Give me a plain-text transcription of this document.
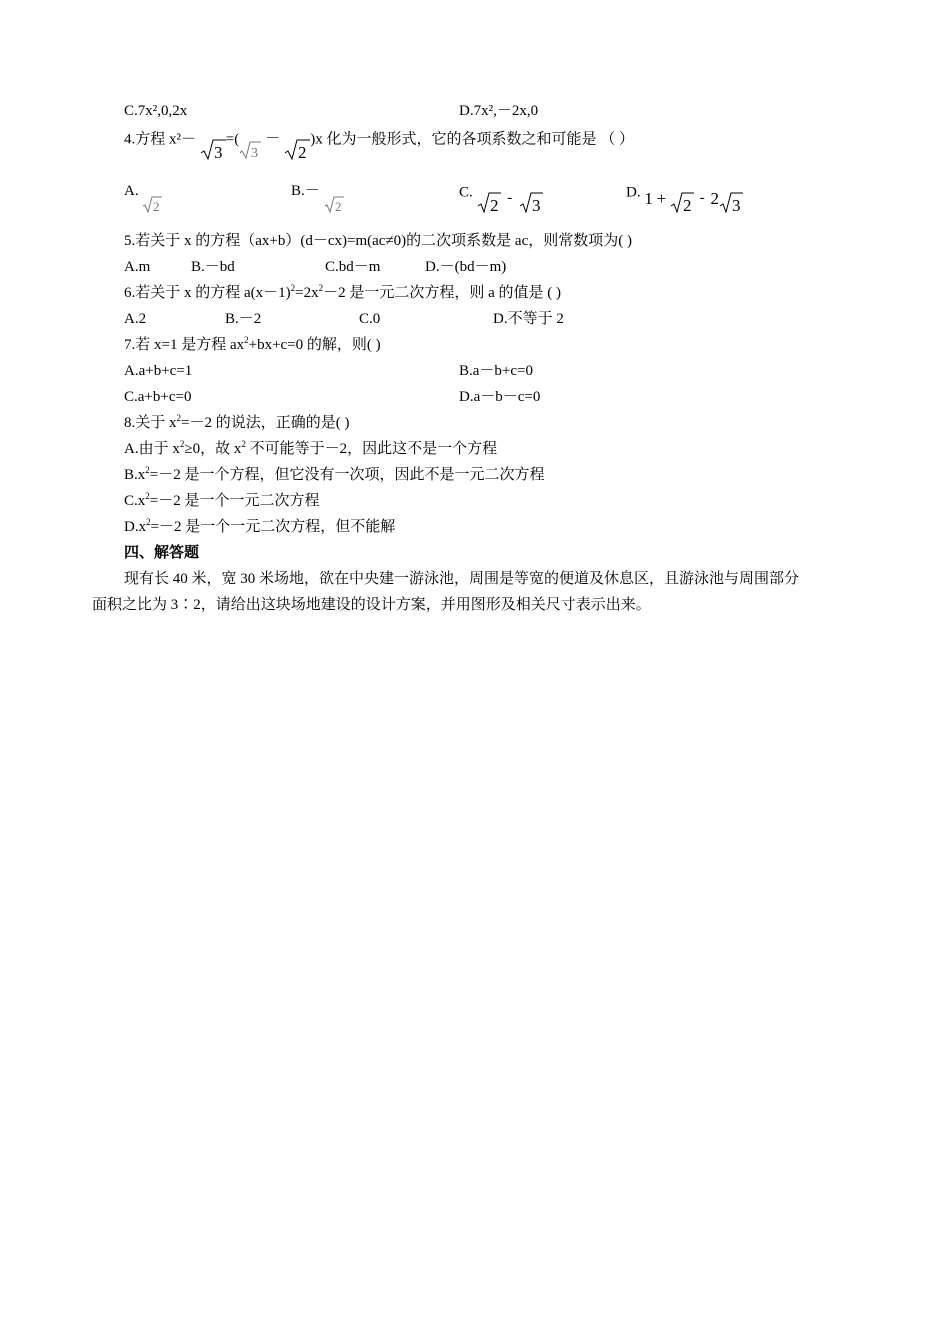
C.7x²,0,2x	D.7x²,－2x,0
4.方程 x²－
3
=(
3
－
2
)x 化为一般形式，它的各项系数之和可能是 （ ）
A.
2
B.－
2
C.
2 - 3
D. 1 + 2 - 2 3
5.若关于 x 的方程（ax+b）(d－cx)=m(ac≠0)的二次项系数是 ac，则常数项为( )
A.m	B.－bd	C.bd－m	D.－(bd－m)
6.若关于 x 的方程 $a(x-1)^2=2x^2-2$ 是一元二次方程，则 a 的值是 ( )
A.2	B.－2	C.0	D.不等于 2
7.若 x=1 是方程 $ax^2+bx+c=0$ 的解，则( )
A.a+b+c=1	B.a－b+c=0
C.a+b+c=0	D.a－b－c=0
8.关于 $x^2=-2$ 的说法，正确的是( )
A.由于 $x^2\ge 0$，故 $x^2$ 不可能等于－2，因此这不是一个方程
$B.x^2=-2$ 是一个方程，但它没有一次项，因此不是一元二次方程
$C.x^2=-2$ 是一个一元二次方程
$D.x^2=-2$ 是一个一元二次方程，但不能解
四、解答题
现有长 40 米，宽 30 米场地，欲在中央建一游泳池，周围是等宽的便道及休息区，且游泳池与周围部分
面积之比为 3∶2，请给出这块场地建设的设计方案，并用图形及相关尺寸表示出来。
